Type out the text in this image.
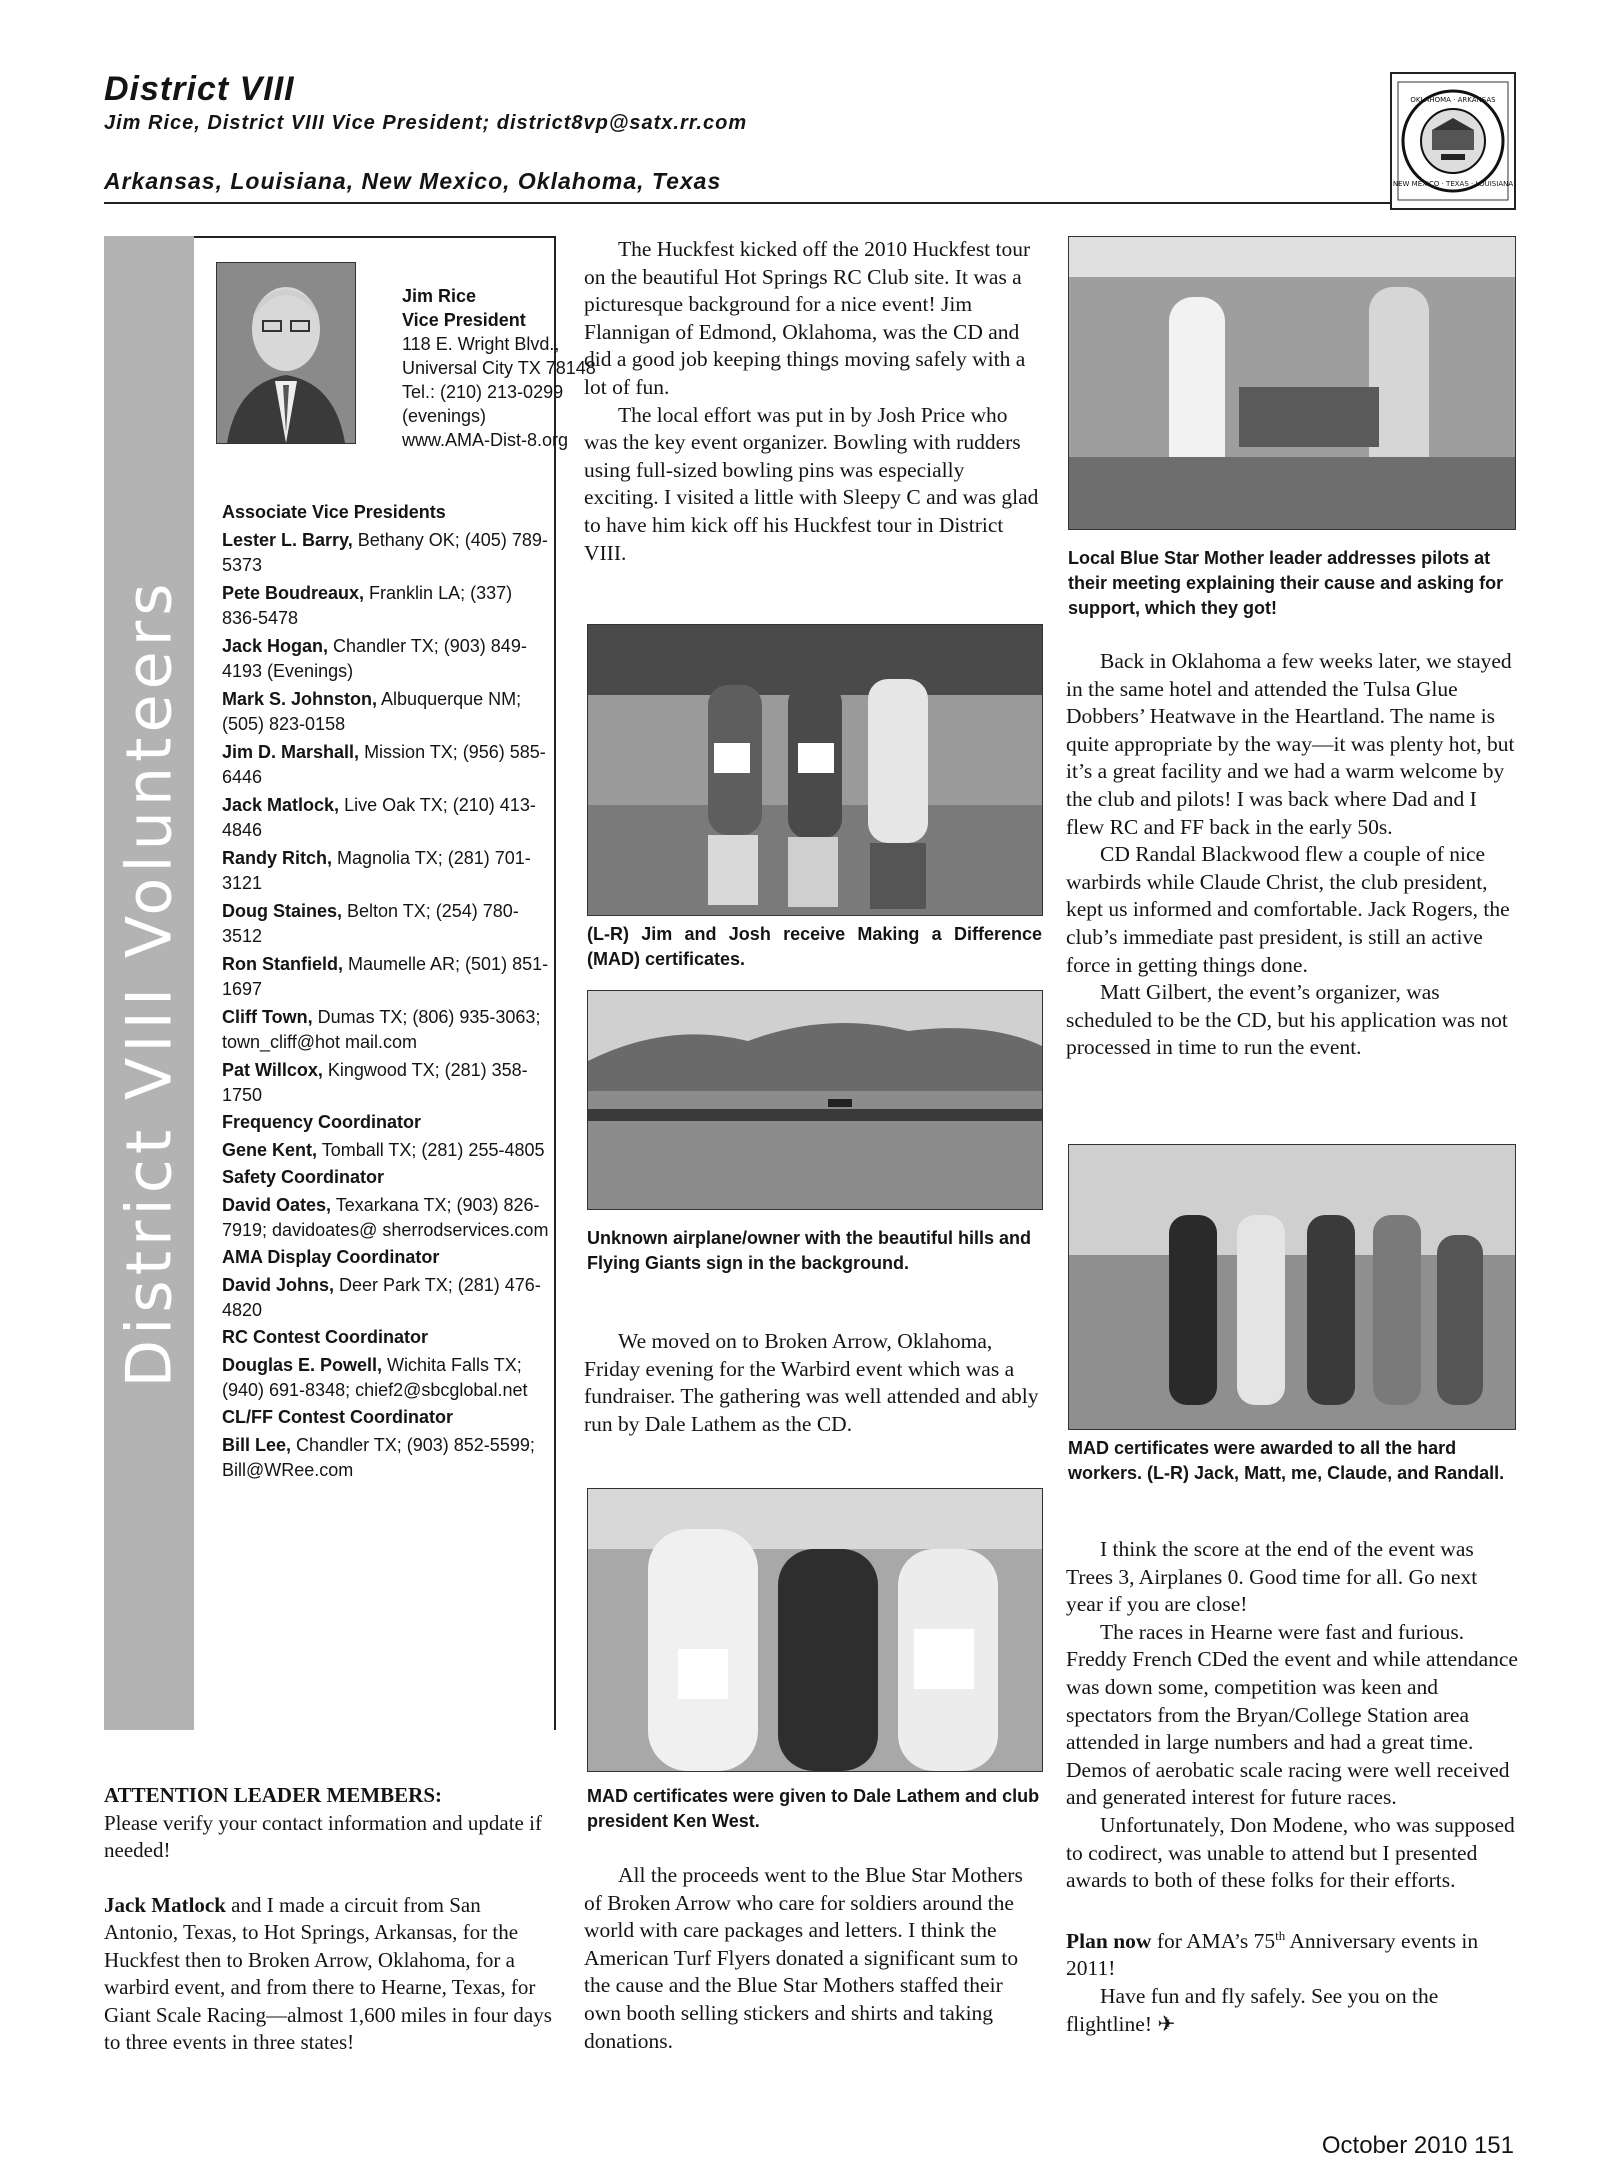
District VIII
Jim Rice, District VIII Vice President; district8vp@satx.rr.com
Arkansas, Louisiana, New Mexico, Oklahoma, Texas
OKLAHOMA · ARKANSAS
NEW MEXICO · TEXAS · LOUISIANA
District VIII Volunteers
Jim Rice
Vice President
118 E. Wright Blvd.,
Universal City TX 78148
Tel.: (210) 213-0299
(evenings)
www.AMA-Dist-8.org
Associate Vice Presidents
Lester L. Barry, Bethany OK; (405) 789-5373
Pete Boudreaux, Franklin LA; (337) 836-5478
Jack Hogan, Chandler TX; (903) 849-4193 (Evenings)
Mark S. Johnston, Albuquerque NM; (505) 823-0158
Jim D. Marshall, Mission TX; (956) 585-6446
Jack Matlock, Live Oak TX; (210) 413-4846
Randy Ritch, Magnolia TX; (281) 701-3121
Doug Staines, Belton TX; (254) 780-3512
Ron Stanfield, Maumelle AR; (501) 851-1697
Cliff Town, Dumas TX; (806) 935-3063; town_cliff@hot mail.com
Pat Willcox, Kingwood TX; (281) 358-1750
Frequency Coordinator
Gene Kent, Tomball TX; (281) 255-4805
Safety Coordinator
David Oates, Texarkana TX; (903) 826-7919; davidoates@ sherrodservices.com
AMA Display Coordinator
David Johns, Deer Park TX; (281) 476-4820
RC Contest Coordinator
Douglas E. Powell, Wichita Falls TX; (940) 691-8348; chief2@sbcglobal.net
CL/FF Contest Coordinator
Bill Lee, Chandler TX; (903) 852-5599; Bill@WRee.com
ATTENTION LEADER MEMBERS:
Please verify your contact information and update if needed!
Jack Matlock and I made a circuit from San Antonio, Texas, to Hot Springs, Arkansas, for the Huckfest then to Broken Arrow, Oklahoma, for a warbird event, and from there to Hearne, Texas, for Giant Scale Racing—almost 1,600 miles in four days to three events in three states!

The Huckfest kicked off the 2010 Huckfest tour on the beautiful Hot Springs RC Club site. It was a picturesque background for a nice event! Jim Flannigan of Edmond, Oklahoma, was the CD and did a good job keeping things moving safely with a lot of fun.

The local effort was put in by Josh Price who was the key event organizer. Bowling with rudders using full-sized bowling pins was especially exciting. I visited a little with Sleepy C and was glad to have him kick off his Huckfest tour in District VIII.

(L-R) Jim and Josh receive Making a Difference (MAD) certificates.
Unknown airplane/owner with the beautiful hills and Flying Giants sign in the background.

We moved on to Broken Arrow, Oklahoma, Friday evening for the Warbird event which was a fundraiser. The gathering was well attended and ably run by Dale Lathem as the CD.

MAD certificates were given to Dale Lathem and club president Ken West.

All the proceeds went to the Blue Star Mothers of Broken Arrow who care for soldiers around the world with care packages and letters. I think the American Turf Flyers donated a significant sum to the cause and the Blue Star Mothers staffed their own booth selling stickers and shirts and taking donations.

Local Blue Star Mother leader addresses pilots at their meeting explaining their cause and asking for support, which they got!

Back in Oklahoma a few weeks later, we stayed in the same hotel and attended the Tulsa Glue Dobbers’ Heatwave in the Heartland. The name is quite appropriate by the way—it was plenty hot, but it’s a great facility and we had a warm welcome by the club and pilots! I was back where Dad and I flew RC and FF back in the early 50s.

CD Randal Blackwood flew a couple of nice warbirds while Claude Christ, the club president, kept us informed and comfortable. Jack Rogers, the club’s immediate past president, is still an active force in getting things done.

Matt Gilbert, the event’s organizer, was scheduled to be the CD, but his application was not processed in time to run the event.

MAD certificates were awarded to all the hard workers. (L-R) Jack, Matt, me, Claude, and Randall.

I think the score at the end of the event was Trees 3, Airplanes 0. Good time for all. Go next year if you are close!

The races in Hearne were fast and furious. Freddy French CDed the event and while attendance was down some, competition was keen and spectators from the Bryan/College Station area attended in large numbers and had a great time. Demos of aerobatic scale racing were well received and generated interest for future races.

Unfortunately, Don Modene, who was supposed to codirect, was unable to attend but I presented awards to both of these folks for their efforts.

Plan now for AMA’s 75th Anniversary events in 2011!

Have fun and fly safely. See you on the flightline! ✈

October 2010 151
